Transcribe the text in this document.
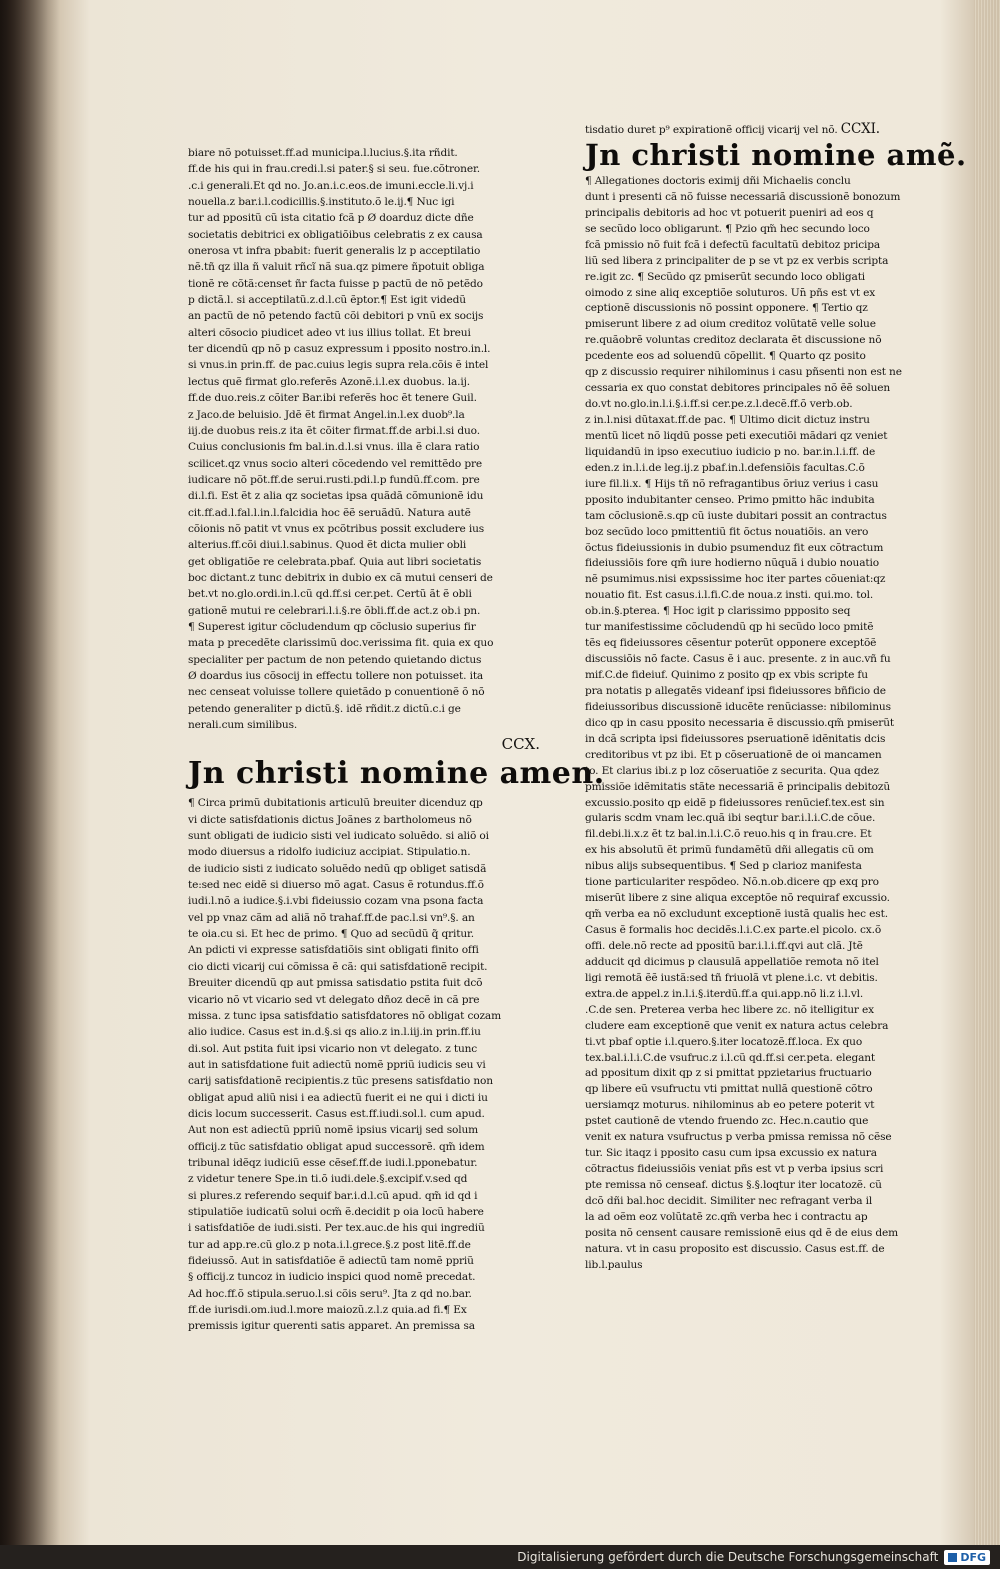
biare nõ potuisset.ff.ad municipa.l.lucius.§.ita rñdit.
ff.de his qui in frau.credi.l.si pater.§ si seu. fue.cõtroner.
.c.i generali.Et qd no. Jo.an.i.c.eos.de imuni.eccle.li.vj.i
nouella.z bar.i.l.codicillis.§.instituto.õ le.ij.¶ Nuc igi
tur ad ppositũ cũ ista citatio fcã p Ø doarduz dicte dñe
societatis debitrici ex obligatiõibus celebratis z ex causa
onerosa vt infra pbabit: fuerit generalis lz p acceptilatio
nẽ.tñ qz illa ñ valuit rñcĩ nã sua.qz pimere ñpotuit obliga
tionẽ re cõtã:censet ñr facta fuisse p pactũ de nõ petẽdo
p dictã.l. si acceptilatũ.z.d.l.cũ ẽptor.¶ Est igit videdũ
an pactũ de nõ petendo factũ cõi debitori p vnũ ex socijs
alteri cõsocio piudicet adeo vt ius illius tollat. Et breui
ter dicendũ qp nõ p casuz expressum i pposito nostro.in.l.
si vnus.in prin.ff. de pac.cuius legis supra rela.cõis ẽ intel
lectus quẽ firmat glo.referẽs Azonẽ.i.l.ex duobus. la.ij.
ff.de duo.reis.z cõiter Bar.ibi referẽs hoc ẽt tenere Guil.
z Jaco.de beluisio. Jdẽ ẽt firmat Angel.in.l.ex duob⁹.la
iij.de duobus reis.z ita ẽt cõiter firmat.ff.de arbi.l.si duo.
Cuius conclusionis fm bal.in.d.l.si vnus. illa ẽ clara ratio
scilicet.qz vnus socio alteri cõcedendo vel remittẽdo pre
iudicare nõ põt.ff.de serui.rusti.pdi.l.p fundũ.ff.com. pre
di.l.fi. Est ẽt z alia qz societas ipsa quãdã cõmunionẽ idu
cit.ff.ad.l.fal.l.in.l.falcidia hoc ẽẽ seruãdũ. Natura autẽ
cõionis nõ patit vt vnus ex pcõtribus possit excludere ius
alterius.ff.cõi diui.l.sabinus. Quod ẽt dicta mulier obli
get obligatiõe re celebrata.pbaf. Quia aut libri societatis
boc dictant.z tunc debitrix in dubio ex cã mutui censeri de
bet.vt no.glo.ordi.in.l.cũ qd.ff.si cer.pet. Certũ ãt ẽ obli
gationẽ mutui re celebrari.l.i.§.re õbli.ff.de act.z ob.i pn.
¶ Superest igitur cõcludendum qp cõclusio superius fir
mata p precedẽte clarissimũ doc.verissima fit. quia ex quo
specialiter per pactum de non petendo quietando dictus
Ø doardus ius cõsocij in effectu tollere non potuisset. ita
nec censeat voluisse tollere quietãdo p conuentionẽ õ nõ
petendo generaliter p dictũ.§. idẽ rñdit.z dictũ.c.i ge
nerali.cum similibus.
CCX.
Jn christi nomine amen.
¶ Circa primũ dubitationis articulũ breuiter dicenduz qp
vi dicte satisfdationis dictus Joãnes z bartholomeus nõ
sunt obligati de iudicio sisti vel iudicato soluẽdo. si aliõ oi
modo diuersus a ridolfo iudiciuz accipiat. Stipulatio.n.
de iudicio sisti z iudicato soluẽdo nedũ qp obliget satisdã
te:sed nec eidẽ si diuerso mõ agat. Casus ẽ rotundus.ff.õ
iudi.l.nõ a iudice.§.i.vbi fideiussio cozam vna psona facta
vel pp vnaz cãm ad aliã nõ trahaf.ff.de pac.l.si vn⁹.§. an
te oia.cu si. Et hec de primo. ¶ Quo ad secũdũ q̃ qritur.
An pdicti vi expresse satisfdatiõis sint obligati finito offi
cio dicti vicarij cui cõmissa ẽ cã: qui satisfdationẽ recipit.
Breuiter dicendũ qp aut pmissa satisdatio pstita fuit dcõ
vicario nõ vt vicario sed vt delegato dñoz decẽ in cã pre
missa. z tunc ipsa satisfdatio satisfdatores nõ obligat cozam
alio iudice. Casus est in.d.§.si qs alio.z in.l.iij.in prin.ff.iu
di.sol. Aut pstita fuit ipsi vicario non vt delegato. z tunc
aut in satisfdatione fuit adiectũ nomẽ ppriũ iudicis seu vi
carij satisfdationẽ recipientis.z tũc presens satisfdatio non
obligat apud aliũ nisi i ea adiectũ fuerit ei ne qui i dicti iu
dicis locum successerit. Casus est.ff.iudi.sol.l. cum apud.
Aut non est adiectũ ppriũ nomẽ ipsius vicarij sed solum
officij.z tũc satisfdatio obligat apud successorẽ. qm̃ idem
tribunal idẽqz iudiciũ esse cẽsef.ff.de iudi.l.pponebatur.
z videtur tenere Spe.in ti.õ iudi.dele.§.excipif.v.sed qd
si plures.z referendo sequif bar.i.d.l.cũ apud. qm̃ id qd i
stipulatiõe iudicatũ solui ocm̃ ẽ.decidit p oia locũ habere
i satisfdatiõe de iudi.sisti. Per tex.auc.de his qui ingrediũ
tur ad app.re.cũ glo.z p nota.i.l.grece.§.z post litẽ.ff.de
fideiussõ. Aut in satisfdatiõe ẽ adiectũ tam nomẽ ppriũ
§ officij.z tuncoz in iudicio inspici quod nomẽ precedat.
Ad hoc.ff.õ stipula.seruo.l.si cõis seru⁹. Jta z qd no.bar.
ff.de iurisdi.om.iud.l.more maiozũ.z.l.z quia.ad fi.¶ Ex
premissis igitur querenti satis apparet. An premissa sa
tisdatio duret p⁹ expirationẽ officij vicarij vel nõ. CCXI.
Jn christi nomine amẽ.
¶ Allegationes doctoris eximij dñi Michaelis conclu
dunt i presenti cã nõ fuisse necessariã discussionẽ bonozum
principalis debitoris ad hoc vt potuerit pueniri ad eos q
se secũdo loco obligarunt. ¶ Pzio qm̃ hec secundo loco
fcã pmissio nõ fuit fcã i defectũ facultatũ debitoz pricipa
liũ sed libera z principaliter de p se vt pz ex verbis scripta
re.igit zc. ¶ Secũdo qz pmiserũt secundo loco obligati
oimodo z sine aliq exceptiõe soluturos. Un̄ pñs est vt ex
ceptionẽ discussionis nõ possint opponere. ¶ Tertio qz
pmiserunt libere z ad oium creditoz volũtatẽ velle solue
re.quãobrẽ voluntas creditoz declarata ẽt discussione nõ
pcedente eos ad soluendũ cõpellit. ¶ Quarto qz posito
qp z discussio requirer nihilominus i casu pñsenti non est ne
cessaria ex quo constat debitores principales nõ ẽẽ soluen
do.vt no.glo.in.l.i.§.i.ff.si cer.pe.z.l.decẽ.ff.õ verb.ob.
z in.l.nisi dũtaxat.ff.de pac. ¶ Ultimo dicit dictuz instru
mentũ licet nõ liqdũ posse peti executiõi mãdari qz veniet
liquidandũ in ipso executiuo iudicio p no. bar.in.l.i.ff. de
eden.z in.l.i.de leg.ij.z pbaf.in.l.defensiõis facultas.C.õ
iure fil.li.x. ¶ Hijs tñ nõ refragantibus õriuz verius i casu
pposito indubitanter censeo. Primo pmitto hãc indubita
tam cõclusionẽ.s.qp cũ iuste dubitari possit an contractus
boz secũdo loco pmittentiũ fit õctus nouatiõis. an vero
õctus fideiussionis in dubio psumenduz fit eux cõtractum
fideiussiõis fore qm̃ iure hodierno nũquã i dubio nouatio
nẽ psumimus.nisi expssissime hoc iter partes cõueniat:qz
nouatio fit. Est casus.i.l.fi.C.de noua.z insti. qui.mo. tol.
ob.in.§.pterea. ¶ Hoc igit p clarissimo ppposito seq
tur manifestissime cõcludendũ qp hi secũdo loco pmitẽ
tẽs eq fideiussores cẽsentur poterũt opponere exceptõẽ
discussiõis nõ facte. Casus ẽ i auc. presente. z in auc.vñ fu
mif.C.de fideiuf. Quinimo z posito qp ex vbis scripte fu
pra notatis p allegatẽs videanf ipsi fideiussores bñficio de
fideiussoribus discussionẽ iducẽte renũciasse: nibilominus
dico qp in casu pposito necessaria ẽ discussio.qm̃ pmiserũt
in dcã scripta ipsi fideiussores pseruationẽ idẽnitatis dcis
creditoribus vt pz ibi. Et p cõseruationẽ de oi mancamen
to. Et clarius ibi.z p loz cõseruatiõe z securita. Qua qdez
pmissiõe idẽmitatis stãte necessariã ẽ principalis debitozũ
excussio.posito qp eidẽ p fideiussores renũcief.tex.est sin
gularis scdm vnam lec.quã ibi seqtur bar.i.l.i.C.de cõue.
fil.debi.li.x.z ẽt tz bal.in.l.i.C.õ reuo.his q in frau.cre. Et
ex his absolutũ ẽt primũ fundamẽtũ dñi allegatis cũ om
nibus alijs subsequentibus. ¶ Sed p clarioz manifesta
tione particulariter respõdeo. Nõ.n.ob.dicere qp exq pro
miserũt libere z sine aliqua exceptõe nõ requiraf excussio.
qm̃ verba ea nõ excludunt exceptionẽ iustã qualis hec est.
Casus ẽ formalis hoc decidẽs.l.i.C.ex parte.el picolo. cx.õ
offi. dele.nõ recte ad ppositũ bar.i.l.i.ff.qvi aut clã. Jtẽ
adducit qd dicimus p clausulã appellatiõe remota nõ itel
ligi remotã ẽẽ iustã:sed tñ friuolã vt plene.i.c. vt debitis.
extra.de appel.z in.l.i.§.iterdũ.ff.a qui.app.nõ li.z i.l.vl.
.C.de sen. Preterea verba hec libere zc. nõ itelligitur ex
cludere eam exceptionẽ que venit ex natura actus celebra
ti.vt pbaf optie i.l.quero.§.iter locatozẽ.ff.loca. Ex quo
tex.bal.i.l.i.C.de vsufruc.z i.l.cũ qd.ff.si cer.peta. elegant
ad ppositum dixit qp z si pmittat ppzietarius fructuario
qp libere eũ vsufructu vti pmittat nullã questionẽ cõtro
uersiamqz moturus. nihilominus ab eo petere poterit vt
pstet cautionẽ de vtendo fruendo zc. Hec.n.cautio que
venit ex natura vsufructus p verba pmissa remissa nõ cẽse
tur. Sic itaqz i pposito casu cum ipsa excussio ex natura
cõtractus fideiussiõis veniat pñs est vt p verba ipsius scri
pte remissa nõ censeaf. dictus §.§.loqtur iter locatozẽ. cũ
dcõ dñi bal.hoc decidit. Similiter nec refragant verba il
la ad oẽm eoz volũtatẽ zc.qm̃ verba hec i contractu ap
posita nõ censent causare remissionẽ eius qd ẽ de eius dem
natura. vt in casu proposito est discussio. Casus est.ff. de
lib.l.paulus
Digitalisierung gefördert durch die Deutsche Forschungsgemeinschaft DFG
